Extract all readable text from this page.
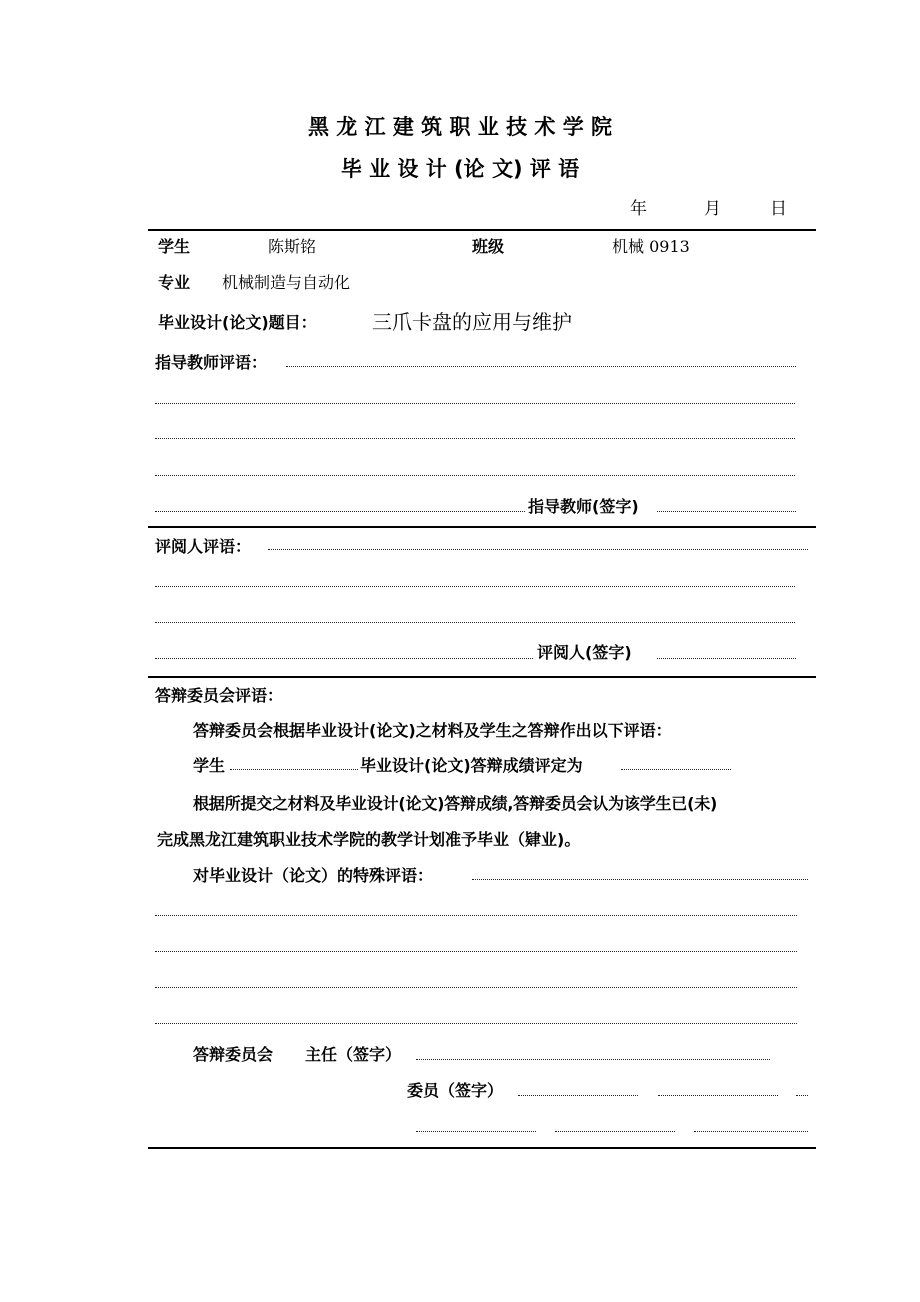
黑 龙 江 建 筑 职 业 技 术 学 院
毕 业 设 计 (论 文) 评 语
年	月	日
学生	陈斯铭	班级	机械 0913
专业 机械制造与自动化
毕业设计(论文)题目：	三爪卡盘的应用与维护
指导教师评语：
指导教师(签字)
评阅人评语：
评阅人(签字)
答辩委员会评语：
答辩委员会根据毕业设计(论文)之材料及学生之答辩作出以下评语：
学生	毕业设计(论文)答辩成绩评定为
根据所提交之材料及毕业设计(论文)答辩成绩,答辩委员会认为该学生已(未)
完成黑龙江建筑职业技术学院的教学计划准予毕业（肄业)。
对毕业设计（论文）的特殊评语：
答辩委员会 主任（签字）
委员（签字）
